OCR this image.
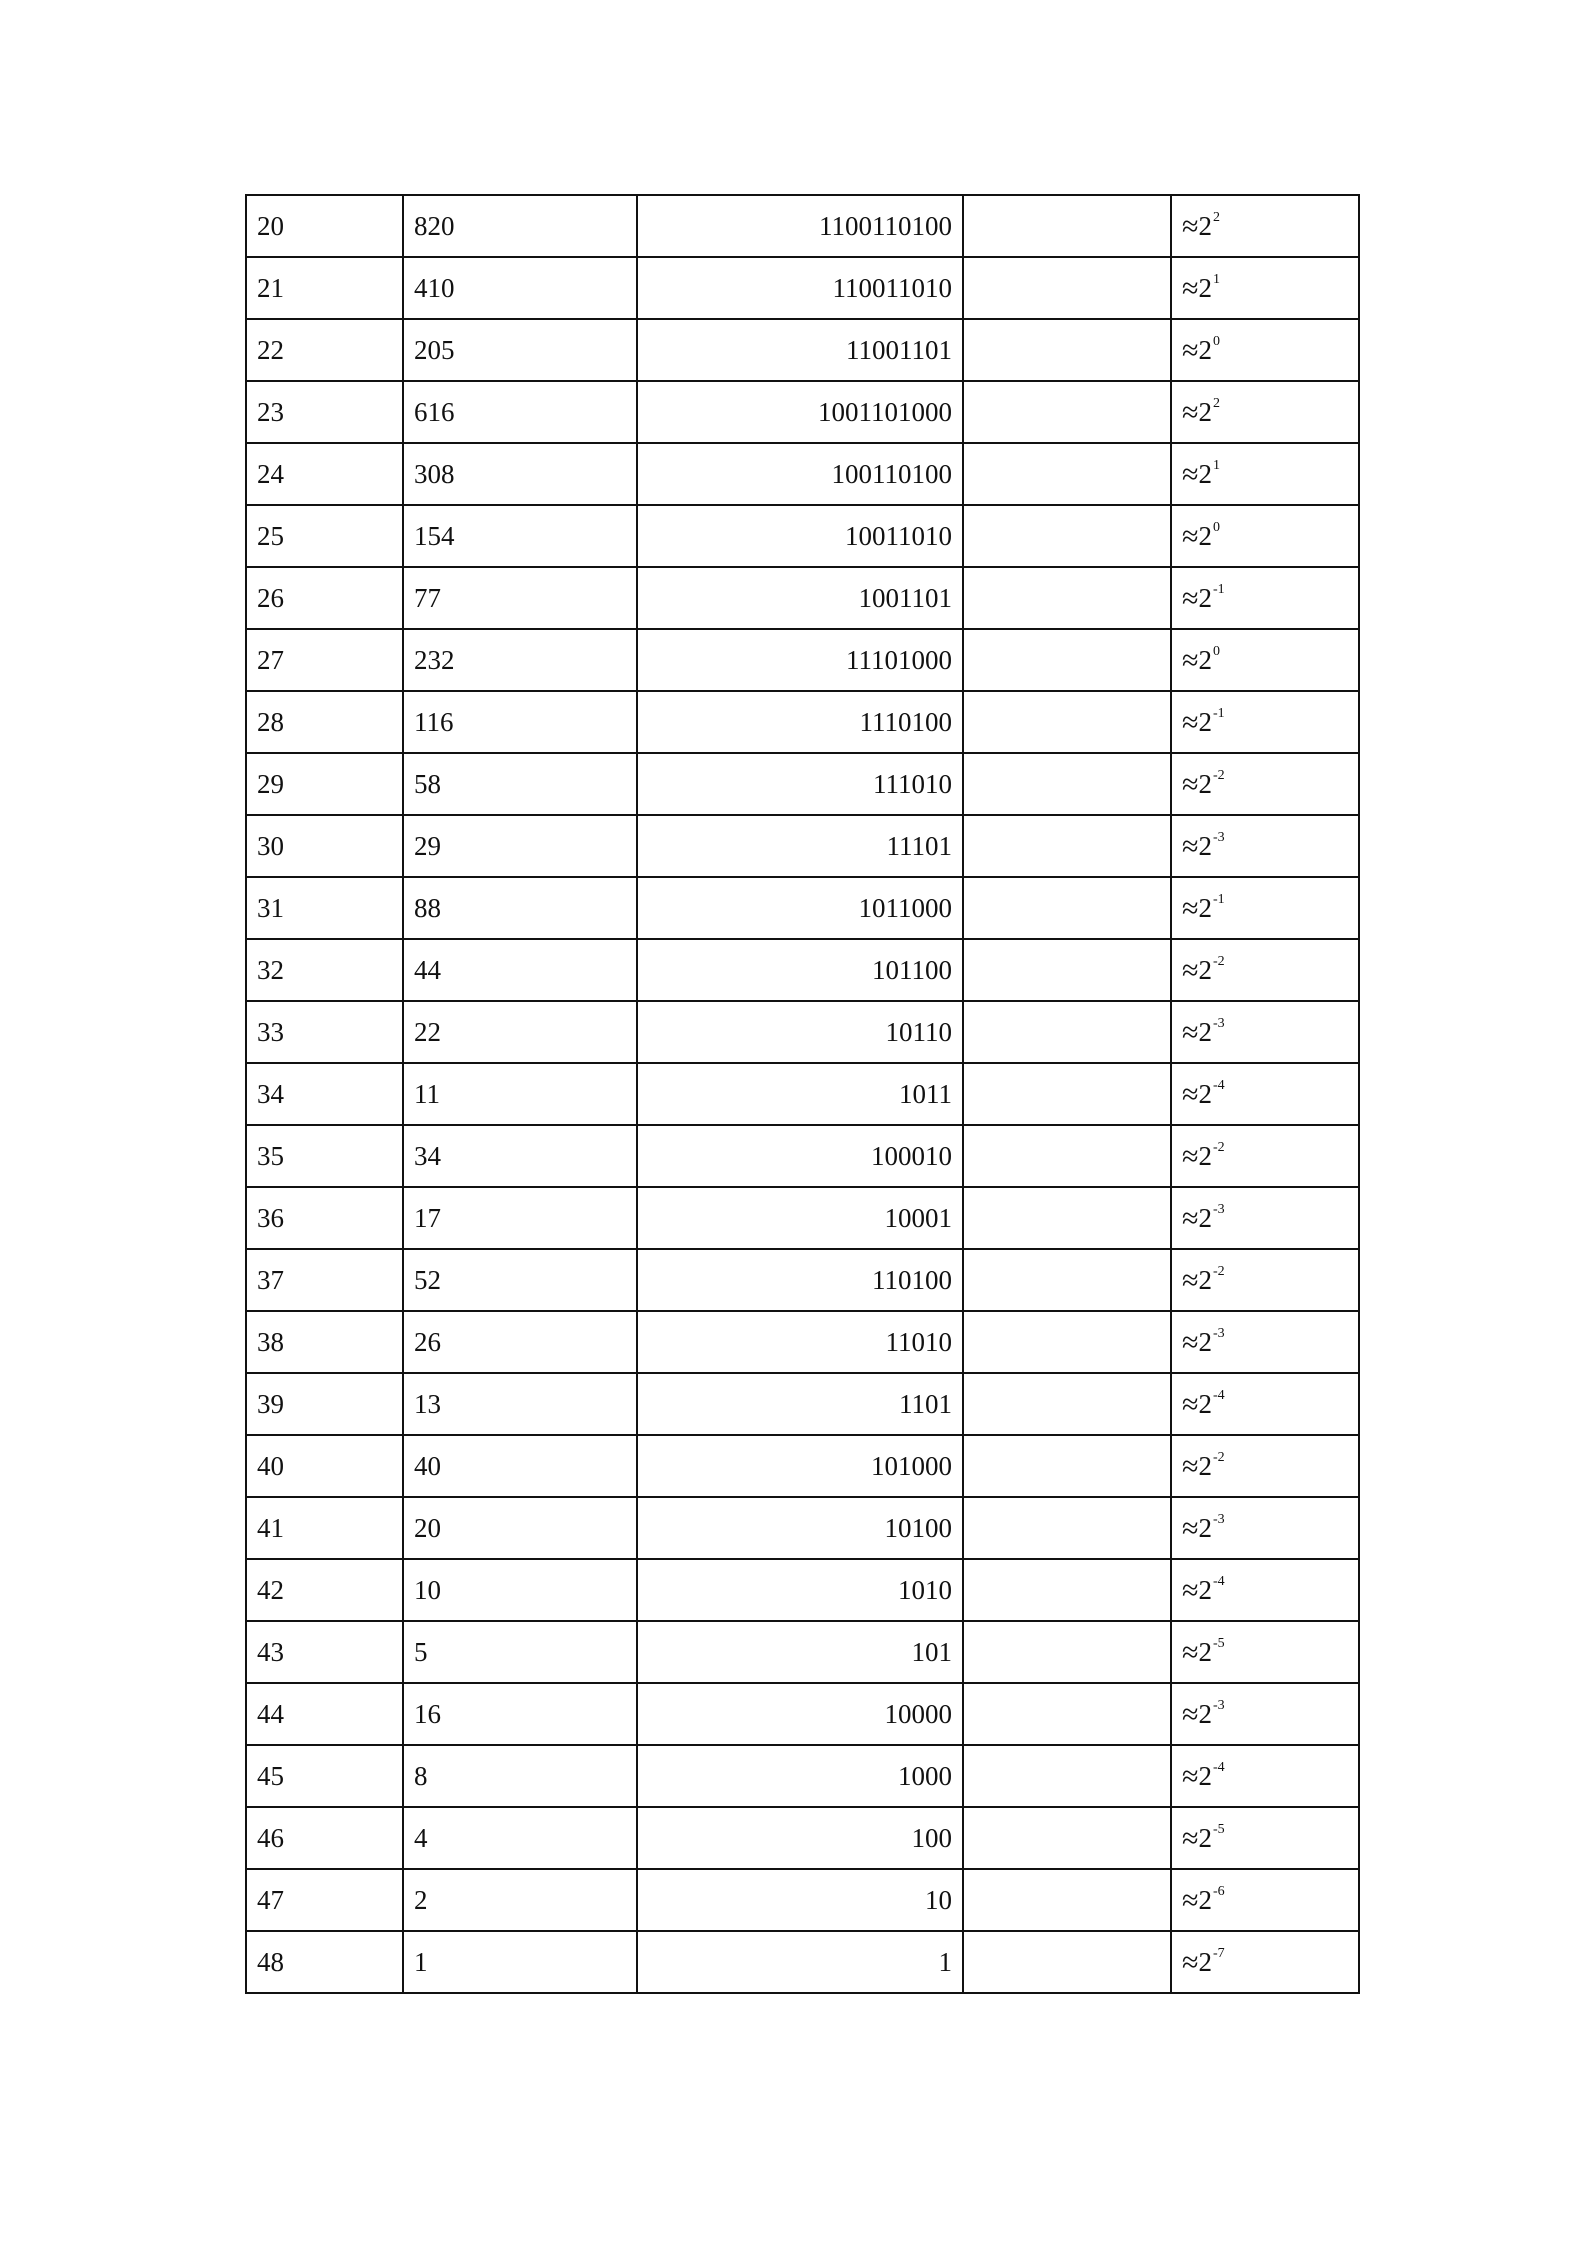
20	820	1100110100		$\approx 2^2$
21	410	110011010		$\approx 2^1$
22	205	11001101		$\approx 2^0$
23	616	1001101000		$\approx 2^2$
24	308	100110100		$\approx 2^1$
25	154	10011010		$\approx 2^0$
26	77	1001101		$\approx 2^{-1}$
27	232	11101000		$\approx 2^0$
28	116	1110100		$\approx 2^{-1}$
29	58	111010		$\approx 2^{-2}$
30	29	11101		$\approx 2^{-3}$
31	88	1011000		$\approx 2^{-1}$
32	44	101100		$\approx 2^{-2}$
33	22	10110		$\approx 2^{-3}$
34	11	1011		$\approx 2^{-4}$
35	34	100010		$\approx 2^{-2}$
36	17	10001		$\approx 2^{-3}$
37	52	110100		$\approx 2^{-2}$
38	26	11010		$\approx 2^{-3}$
39	13	1101		$\approx 2^{-4}$
40	40	101000		$\approx 2^{-2}$
41	20	10100		$\approx 2^{-3}$
42	10	1010		$\approx 2^{-4}$
43	5	101		$\approx 2^{-5}$
44	16	10000		$\approx 2^{-3}$
45	8	1000		$\approx 2^{-4}$
46	4	100		$\approx 2^{-5}$
47	2	10		$\approx 2^{-6}$
48	1	1		$\approx 2^{-7}$
